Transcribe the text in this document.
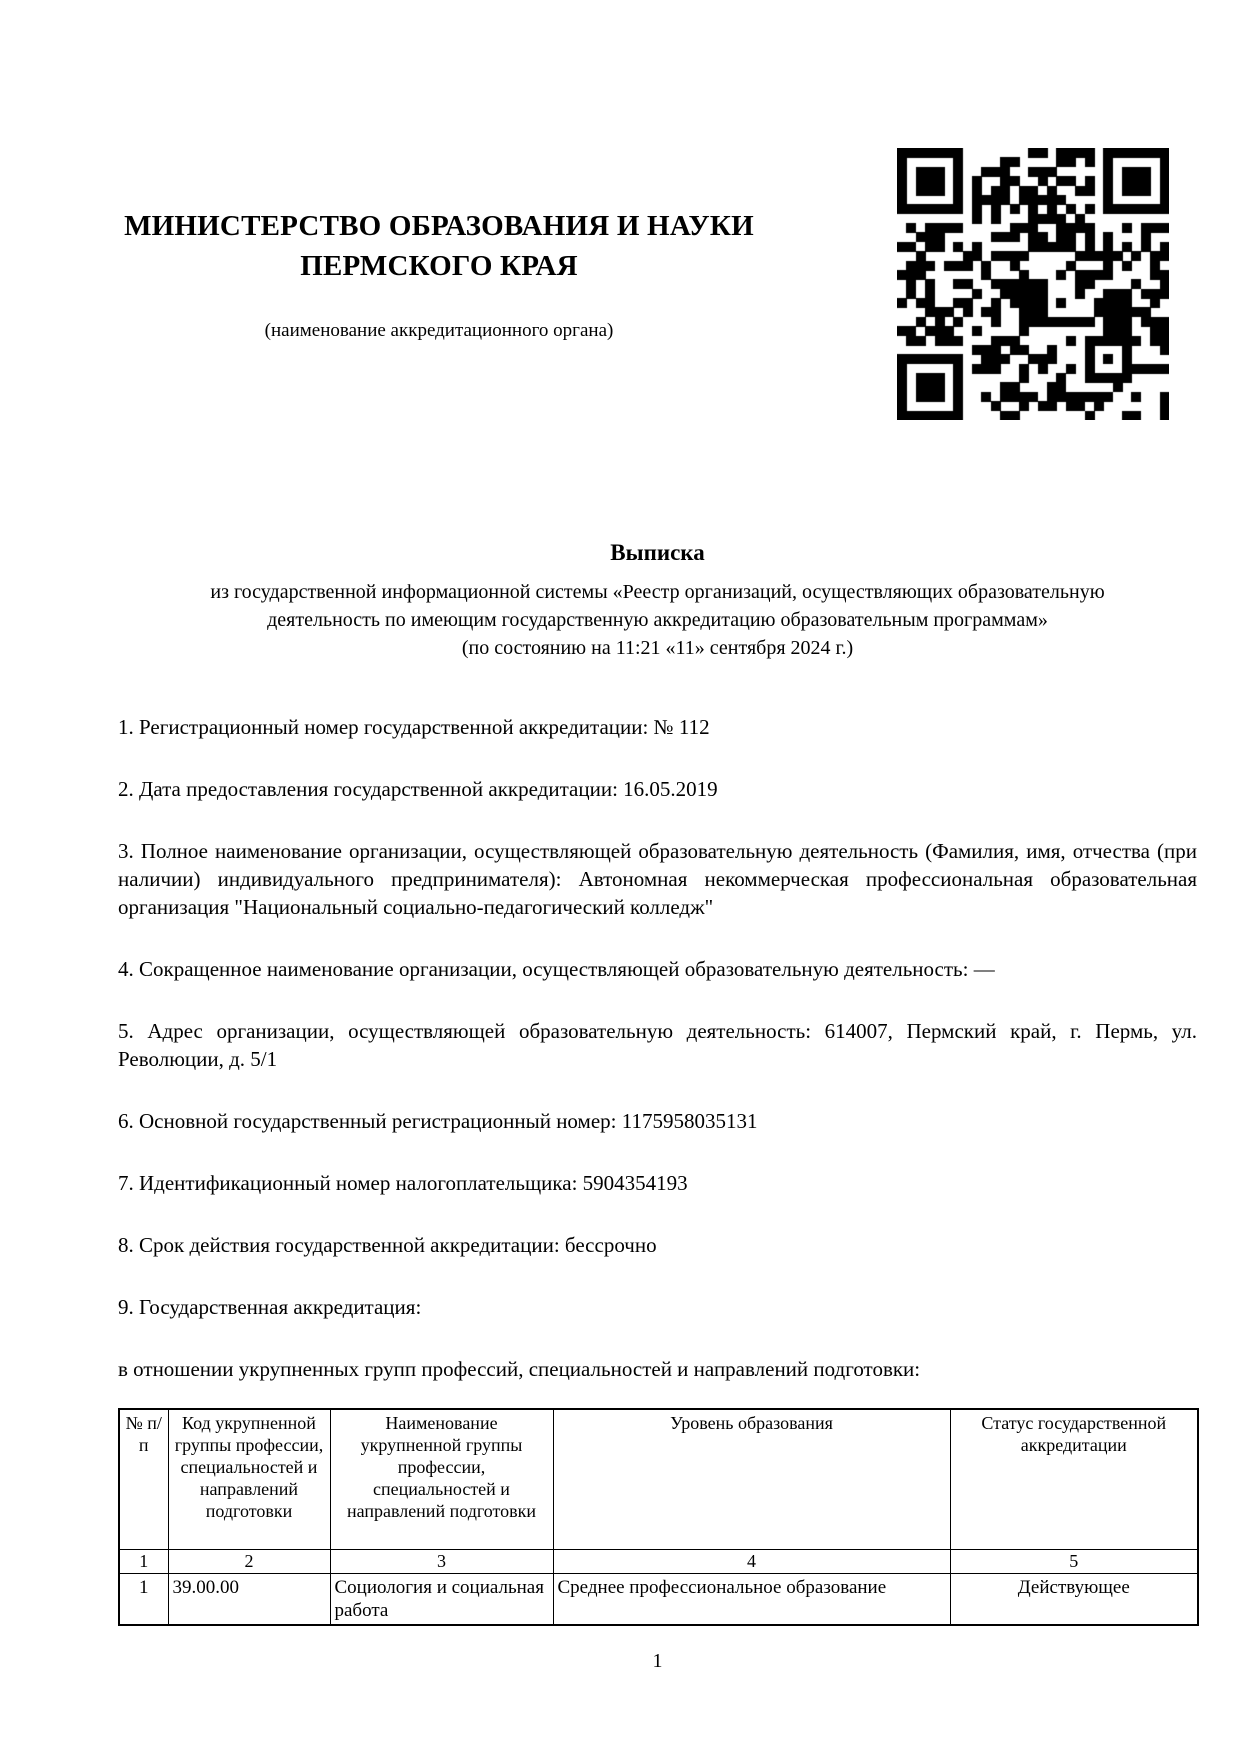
МИНИСТЕРСТВО ОБРАЗОВАНИЯ И НАУКИ
ПЕРМСКОГО КРАЯ
(наименование аккредитационного органа)
Выписка

из государственной информационной системы «Реестр организаций, осуществляющих образовательную

деятельность по имеющим государственную аккредитацию образовательным программам»

(по состоянию на 11:21 «11» сентября 2024 г.)

1. Регистрационный номер государственной аккредитации: № 112

2. Дата предоставления государственной аккредитации: 16.05.2019

3. Полное наименование организации, осуществляющей образовательную деятельность (Фамилия, имя, отчества (при наличии) индивидуального предпринимателя): Автономная некоммерческая профессиональная образовательная организация "Национальный социально-педагогический колледж"

4. Сокращенное наименование организации, осуществляющей образовательную деятельность: —

5. Адрес организации, осуществляющей образовательную деятельность: 614007, Пермский край, г. Пермь, ул. Революции, д. 5/1

6. Основной государственный регистрационный номер: 1175958035131

7. Идентификационный номер налогоплательщика: 5904354193

8. Срок действия государственной аккредитации: бессрочно

9. Государственная аккредитация:

в отношении укрупненных групп профессий, специальностей и направлений подготовки:

№ п/п	Код укрупненной группы профессии, специальностей и направлений подготовки	Наименование укрупненной группы профессии, специальностей и направлений подготовки	Уровень образования	Статус государственной аккредитации
1	2	3	4	5
1	39.00.00	Социология и социальная работа	Среднее профессиональное образование	Действующее
1
